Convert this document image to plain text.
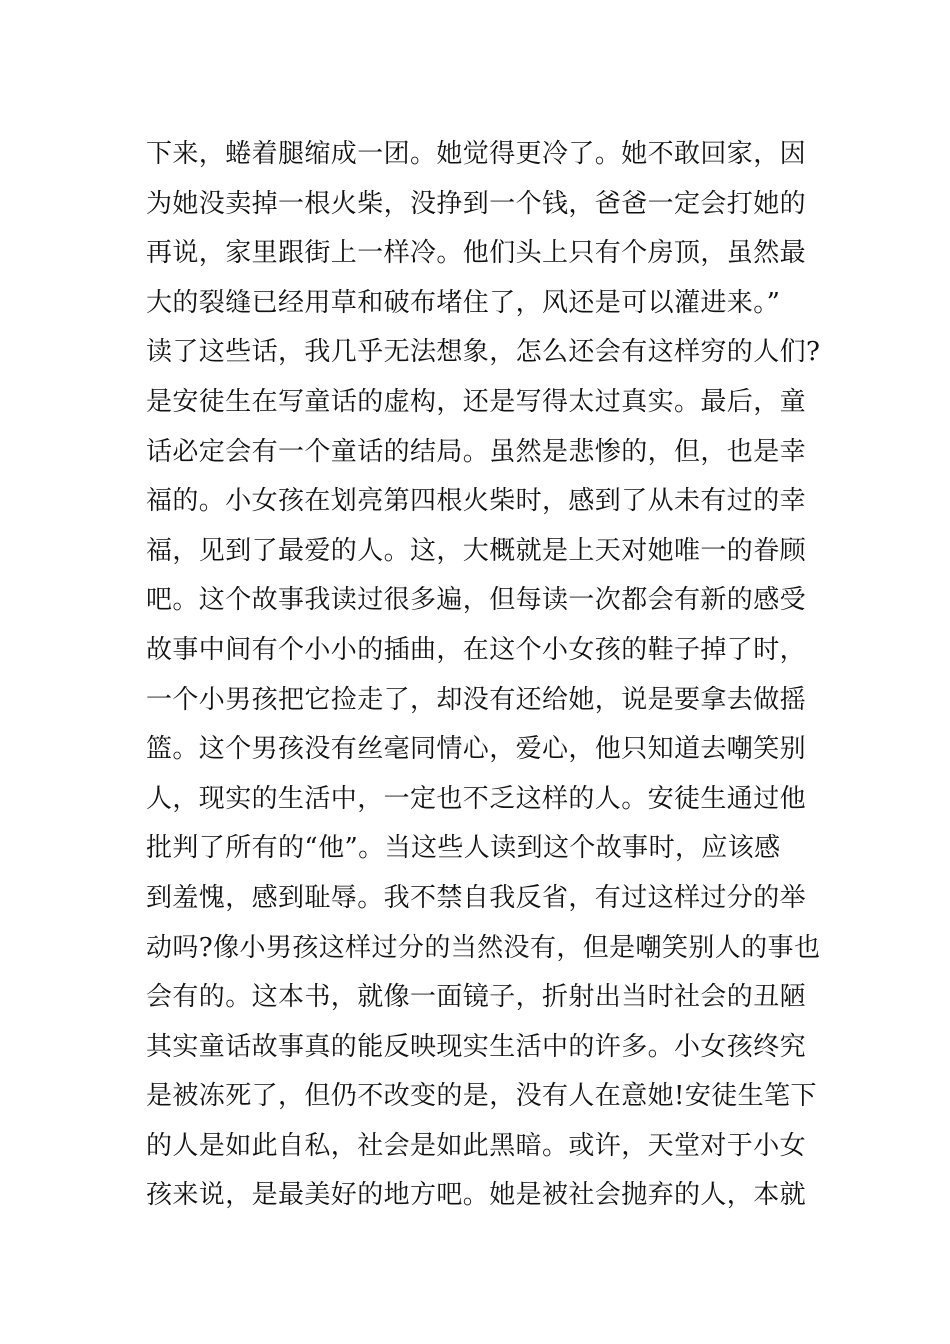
下来，蜷着腿缩成一团。她觉得更冷了。她不敢回家，因
为她没卖掉一根火柴，没挣到一个钱，爸爸一定会打她的
再说，家里跟街上一样冷。他们头上只有个房顶，虽然最
大的裂缝已经用草和破布堵住了，风还是可以灌进来。”
读了这些话，我几乎无法想象，怎么还会有这样穷的人们?
是安徒生在写童话的虚构，还是写得太过真实。最后，童
话必定会有一个童话的结局。虽然是悲惨的，但，也是幸
福的。小女孩在划亮第四根火柴时，感到了从未有过的幸
福，见到了最爱的人。这，大概就是上天对她唯一的眷顾
吧。这个故事我读过很多遍，但每读一次都会有新的感受
故事中间有个小小的插曲，在这个小女孩的鞋子掉了时，
一个小男孩把它捡走了，却没有还给她，说是要拿去做摇
篮。这个男孩没有丝毫同情心，爱心，他只知道去嘲笑别
人，现实的生活中，一定也不乏这样的人。安徒生通过他
批判了所有的“他”。当这些人读到这个故事时，应该感
到羞愧，感到耻辱。我不禁自我反省，有过这样过分的举
动吗?像小男孩这样过分的当然没有，但是嘲笑别人的事也
会有的。这本书，就像一面镜子，折射出当时社会的丑陋
其实童话故事真的能反映现实生活中的许多。小女孩终究
是被冻死了，但仍不改变的是，没有人在意她!安徒生笔下
的人是如此自私，社会是如此黑暗。或许，天堂对于小女
孩来说，是最美好的地方吧。她是被社会抛弃的人，本就
